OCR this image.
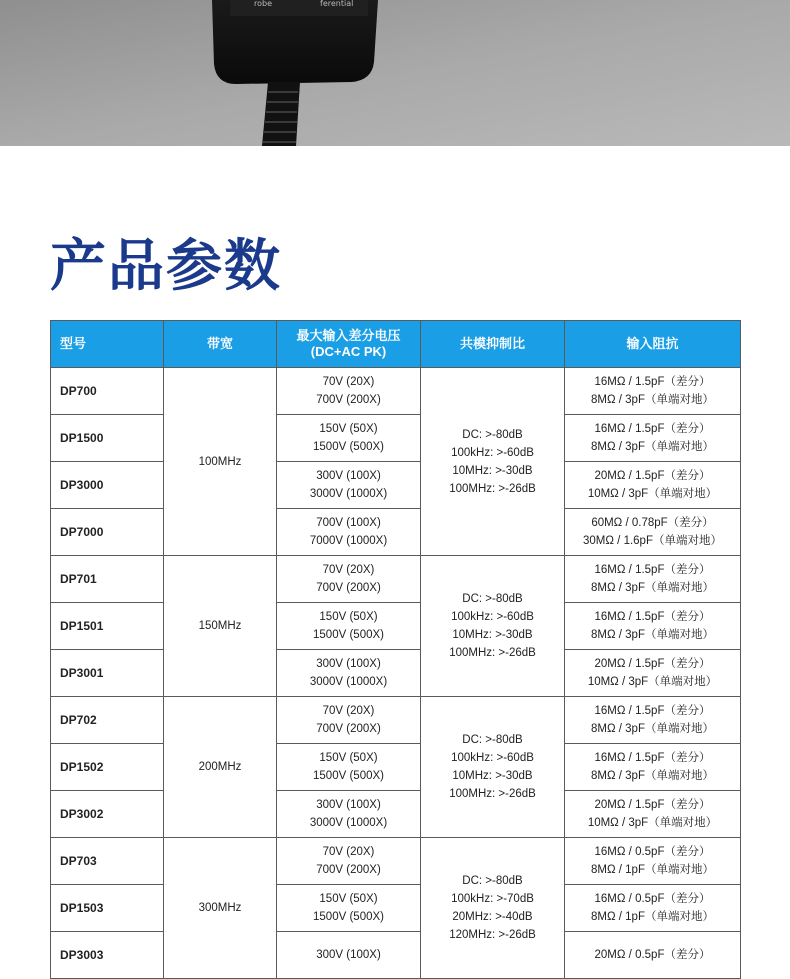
robe	ferential
产品参数
型号	带宽	最大输入差分电压
(DC+AC PK)	共模抑制比	输入阻抗
DP700	100MHz	70V (20X)
700V (200X)	DC: >-80dB
100kHz: >-60dB
10MHz: >-30dB
100MHz: >-26dB	16MΩ / 1.5pF（差分）
8MΩ / 3pF（单端对地）

DP1500		150V (50X)
1500V (500X)		16MΩ / 1.5pF（差分）
8MΩ / 3pF（单端对地）

DP3000		300V (100X)
3000V (1000X)		20MΩ / 1.5pF（差分）
10MΩ / 3pF（单端对地）

DP7000		700V (100X)
7000V (1000X)		60MΩ / 0.78pF（差分）
30MΩ / 1.6pF（单端对地）

DP701	150MHz	70V (20X)
700V (200X)	DC: >-80dB
100kHz: >-60dB
10MHz: >-30dB
100MHz: >-26dB	16MΩ / 1.5pF（差分）
8MΩ / 3pF（单端对地）

DP1501		150V (50X)
1500V (500X)		16MΩ / 1.5pF（差分）
8MΩ / 3pF（单端对地）

DP3001		300V (100X)
3000V (1000X)		20MΩ / 1.5pF（差分）
10MΩ / 3pF（单端对地）

DP702	200MHz	70V (20X)
700V (200X)	DC: >-80dB
100kHz: >-60dB
10MHz: >-30dB
100MHz: >-26dB	16MΩ / 1.5pF（差分）
8MΩ / 3pF（单端对地）

DP1502		150V (50X)
1500V (500X)		16MΩ / 1.5pF（差分）
8MΩ / 3pF（单端对地）

DP3002		300V (100X)
3000V (1000X)		20MΩ / 1.5pF（差分）
10MΩ / 3pF（单端对地）

DP703	300MHz	70V (20X)
700V (200X)	DC: >-80dB
100kHz: >-70dB
20MHz: >-40dB
120MHz: >-26dB	16MΩ / 0.5pF（差分）
8MΩ / 1pF（单端对地）

DP1503		150V (50X)
1500V (500X)		16MΩ / 0.5pF（差分）
8MΩ / 1pF（单端对地）

DP3003		300V (100X)		20MΩ / 0.5pF（差分）
